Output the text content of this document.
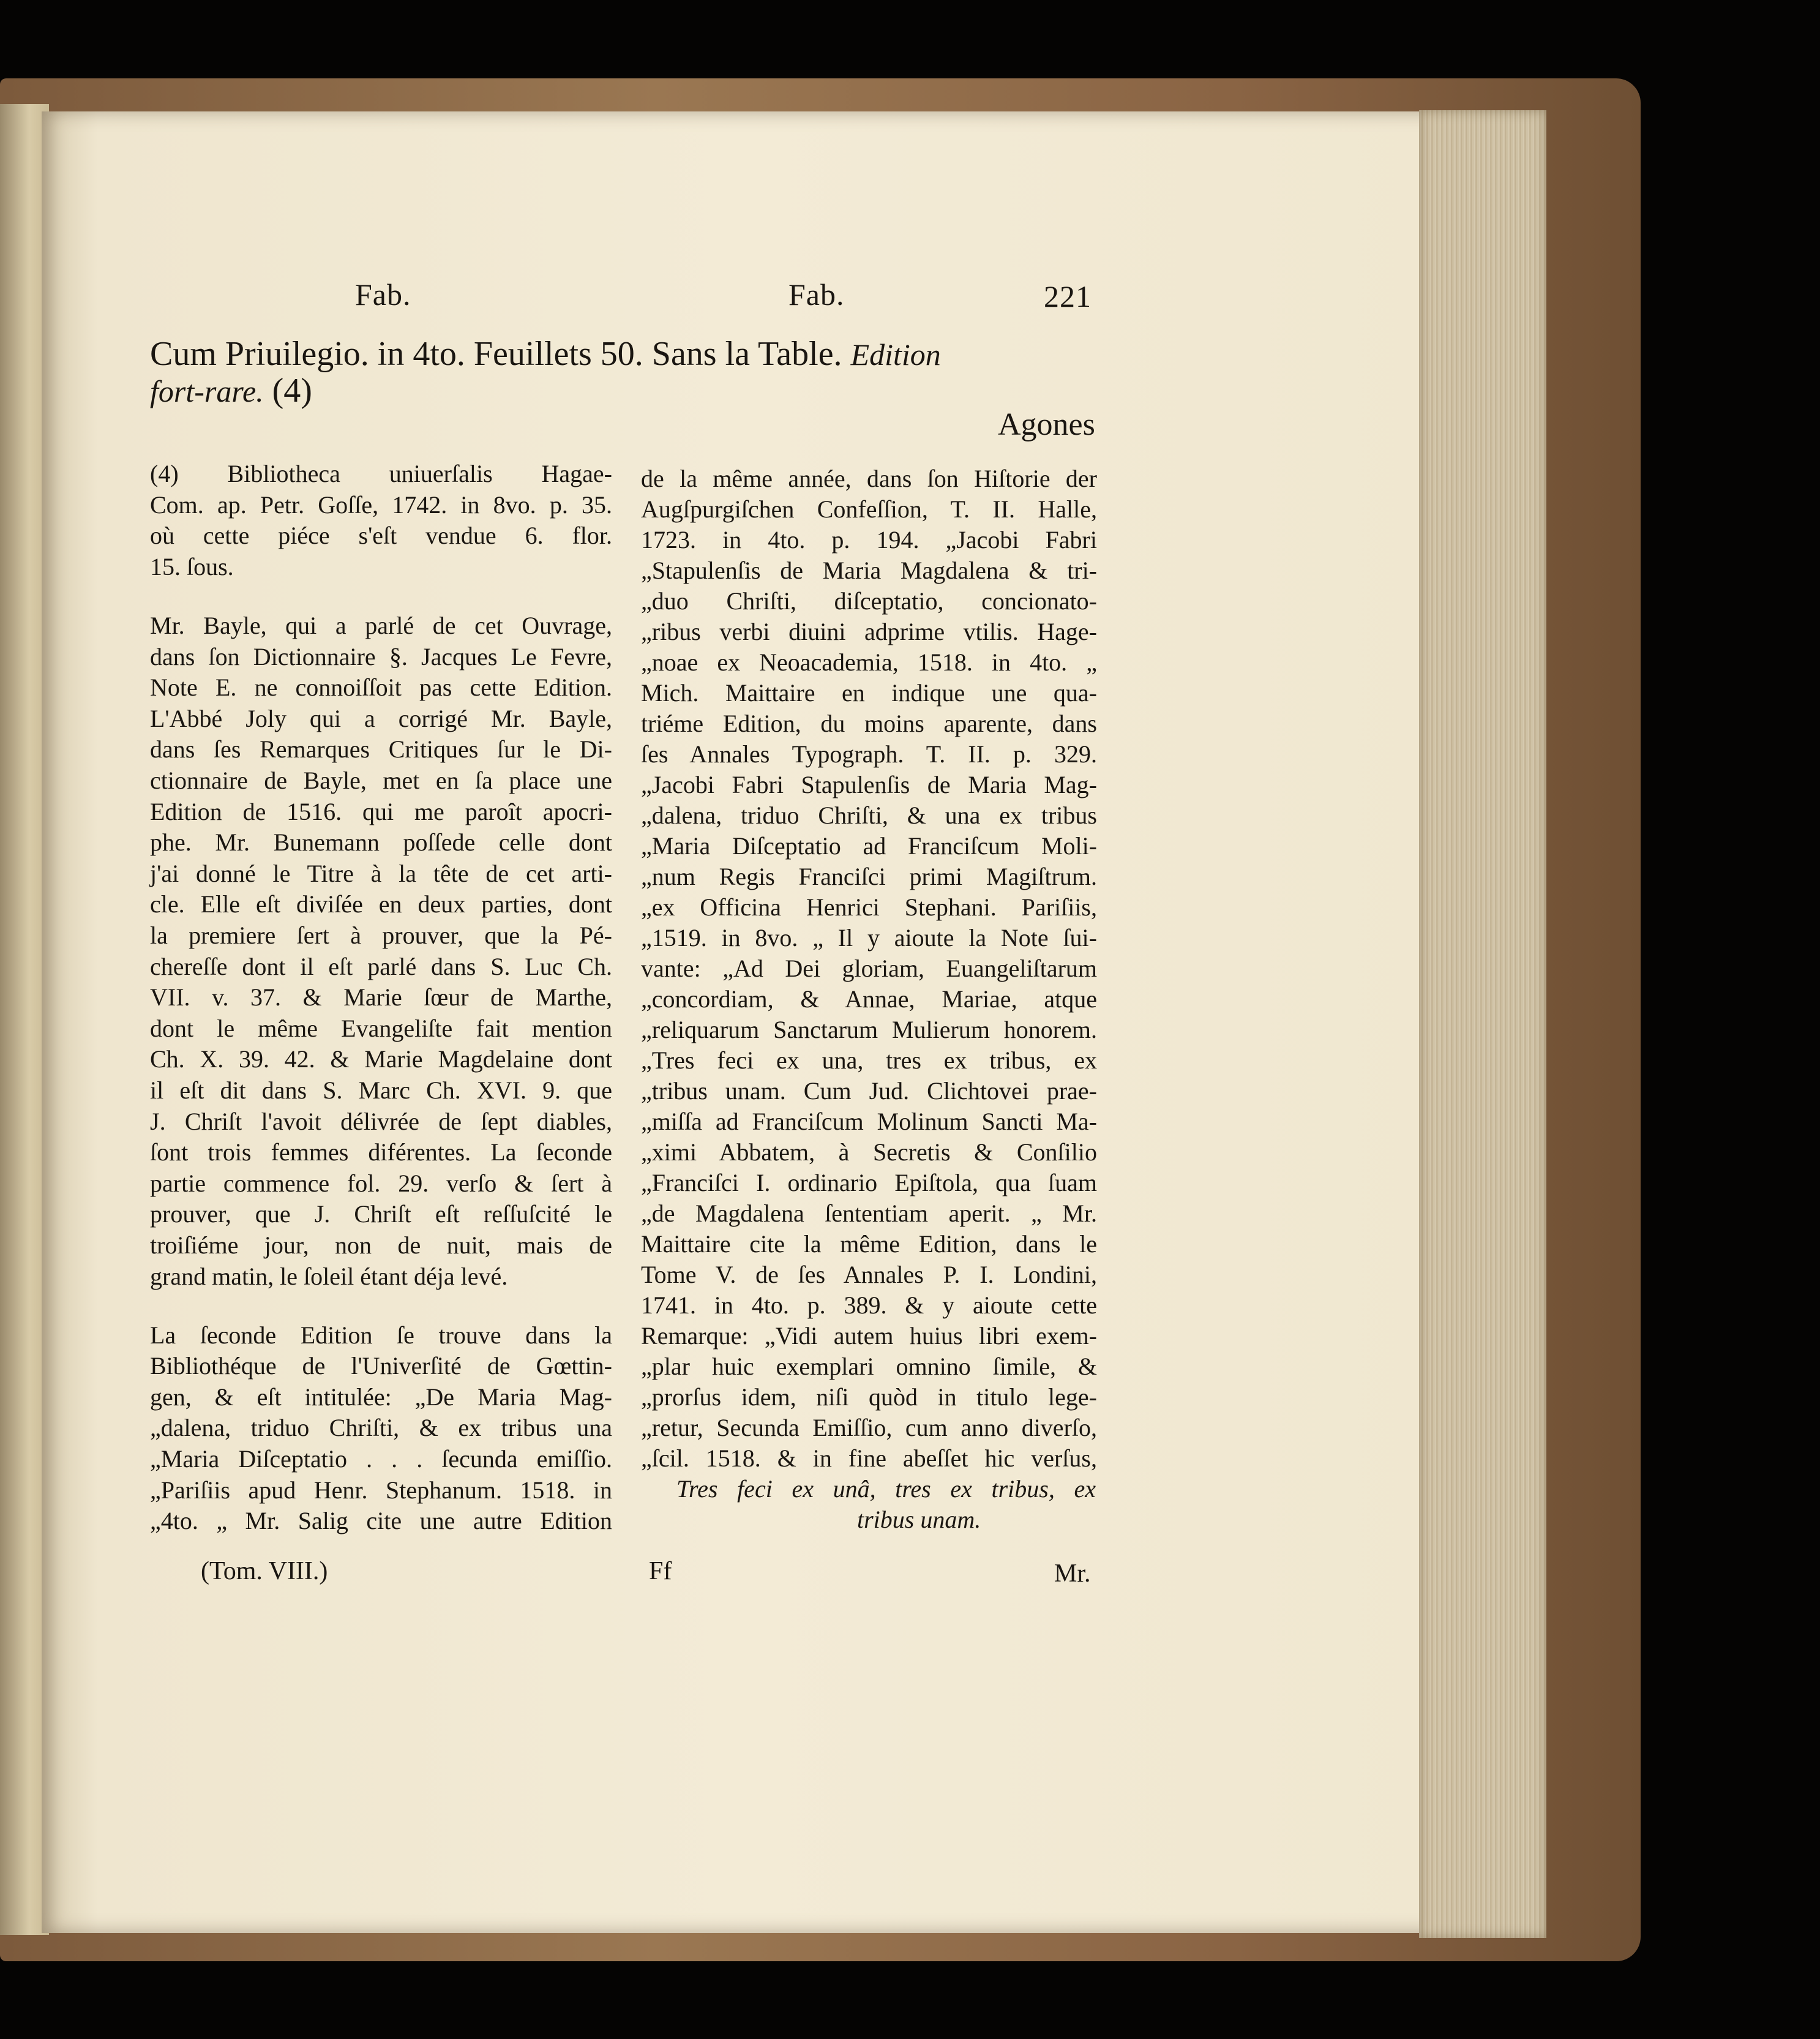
Fab.	Fab.	221
Cum Priuilegio. in 4to. Feuillets 50. Sans la Table. Edition
fort-rare. (4)
Agones
(4) Bibliotheca uniuerſalis Hagae-
Com. ap. Petr. Goſſe, 1742. in 8vo. p. 35.
où cette piéce s'eſt vendue 6. flor.
15. ſous.
Mr. Bayle, qui a parlé de cet Ouvrage,
dans ſon Dictionnaire §. Jacques Le Fevre,
Note E. ne connoiſſoit pas cette Edition.
L'Abbé Joly qui a corrigé Mr. Bayle,
dans ſes Remarques Critiques ſur le Di-
ctionnaire de Bayle, met en ſa place une
Edition de 1516. qui me paroît apocri-
phe. Mr. Bunemann poſſede celle dont
j'ai donné le Titre à la tête de cet arti-
cle. Elle eſt diviſée en deux parties, dont
la premiere ſert à prouver, que la Pé-
chereſſe dont il eſt parlé dans S. Luc Ch.
VII. v. 37. & Marie ſœur de Marthe,
dont le même Evangeliſte fait mention
Ch. X. 39. 42. & Marie Magdelaine dont
il eſt dit dans S. Marc Ch. XVI. 9. que
J. Chriſt l'avoit délivrée de ſept diables,
ſont trois femmes diférentes. La ſeconde
partie commence fol. 29. verſo & ſert à
prouver, que J. Chriſt eſt reſſuſcité le
troiſiéme jour, non de nuit, mais de
grand matin, le ſoleil étant déja levé.
La ſeconde Edition ſe trouve dans la
Bibliothéque de l'Univerſité de Gœttin-
gen, & eſt intitulée: „De Maria Mag-
„dalena, triduo Chriſti, & ex tribus una
„Maria Diſceptatio . . . ſecunda emiſſio.
„Pariſiis apud Henr. Stephanum. 1518. in
„4to. „ Mr. Salig cite une autre Edition
de la même année, dans ſon Hiſtorie der
Augſpurgiſchen Confeſſion, T. II. Halle,
1723. in 4to. p. 194. „Jacobi Fabri
„Stapulenſis de Maria Magdalena & tri-
„duo Chriſti, diſceptatio, concionato-
„ribus verbi diuini adprime vtilis. Hage-
„noae ex Neoacademia, 1518. in 4to. „
Mich. Maittaire en indique une qua-
triéme Edition, du moins aparente, dans
ſes Annales Typograph. T. II. p. 329.
„Jacobi Fabri Stapulenſis de Maria Mag-
„dalena, triduo Chriſti, & una ex tribus
„Maria Diſceptatio ad Franciſcum Moli-
„num Regis Franciſci primi Magiſtrum.
„ex Officina Henrici Stephani. Pariſiis,
„1519. in 8vo. „ Il y aioute la Note ſui-
vante: „Ad Dei gloriam, Euangeliſtarum
„concordiam, & Annae, Mariae, atque
„reliquarum Sanctarum Mulierum honorem.
„Tres feci ex una, tres ex tribus, ex
„tribus unam. Cum Jud. Clichtovei prae-
„miſſa ad Franciſcum Molinum Sancti Ma-
„ximi Abbatem, à Secretis & Conſilio
„Franciſci I. ordinario Epiſtola, qua ſuam
„de Magdalena ſententiam aperit. „ Mr.
Maittaire cite la même Edition, dans le
Tome V. de ſes Annales P. I. Londini,
1741. in 4to. p. 389. & y aioute cette
Remarque: „Vidi autem huius libri exem-
„plar huic exemplari omnino ſimile, &
„prorſus idem, niſi quòd in titulo lege-
„retur, Secunda Emiſſio, cum anno diverſo,
„ſcil. 1518. & in fine abeſſet hic verſus,
Tres feci ex unâ, tres ex tribus, ex
tribus unam.
(Tom. VIII.)	Ff	Mr.
